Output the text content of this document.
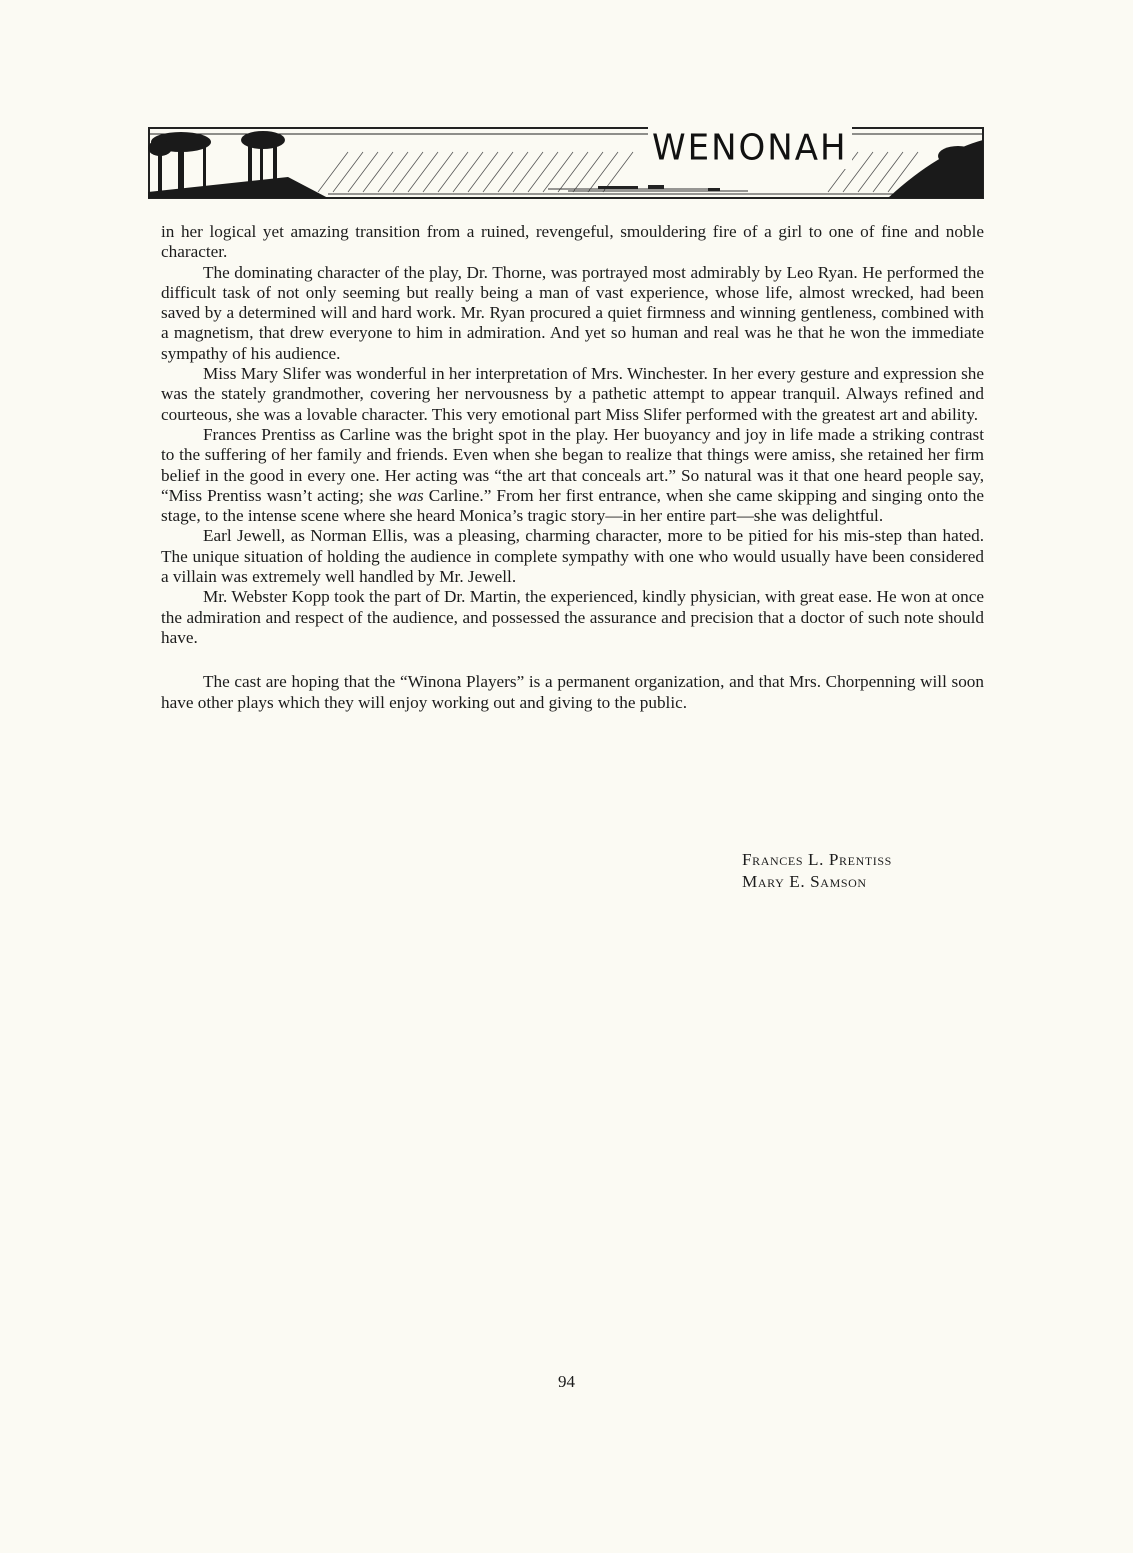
WENONAH

in her logical yet amazing transition from a ruined, revengeful, smouldering fire of a girl to one of fine and noble character.

The dominating character of the play, Dr. Thorne, was portrayed most admirably by Leo Ryan. He performed the difficult task of not only seeming but really being a man of vast experience, whose life, almost wrecked, had been saved by a determined will and hard work. Mr. Ryan procured a quiet firmness and winning gentleness, combined with a magnetism, that drew everyone to him in admiration. And yet so human and real was he that he won the immediate sympathy of his audience.

Miss Mary Slifer was wonderful in her interpretation of Mrs. Winchester. In her every gesture and expression she was the stately grandmother, covering her nervousness by a pathetic attempt to appear tranquil. Always refined and courteous, she was a lovable character. This very emotional part Miss Slifer performed with the greatest art and ability.

Frances Prentiss as Carline was the bright spot in the play. Her buoyancy and joy in life made a striking contrast to the suffering of her family and friends. Even when she began to realize that things were amiss, she retained her firm belief in the good in every one. Her acting was “the art that conceals art.” So natural was it that one heard people say, “Miss Prentiss wasn’t acting; she was Carline.” From her first entrance, when she came skipping and singing onto the stage, to the intense scene where she heard Monica’s tragic story—in her entire part—she was delightful.

Earl Jewell, as Norman Ellis, was a pleasing, charming character, more to be pitied for his mis-step than hated. The unique situation of holding the audience in complete sympathy with one who would usually have been considered a villain was extremely well handled by Mr. Jewell.

Mr. Webster Kopp took the part of Dr. Martin, the experienced, kindly physician, with great ease. He won at once the admiration and respect of the audience, and possessed the assurance and precision that a doctor of such note should have.

The cast are hoping that the “Winona Players” is a permanent organization, and that Mrs. Chorpenning will soon have other plays which they will enjoy working out and giving to the public.

Frances L. Prentiss
Mary E. Samson
94
